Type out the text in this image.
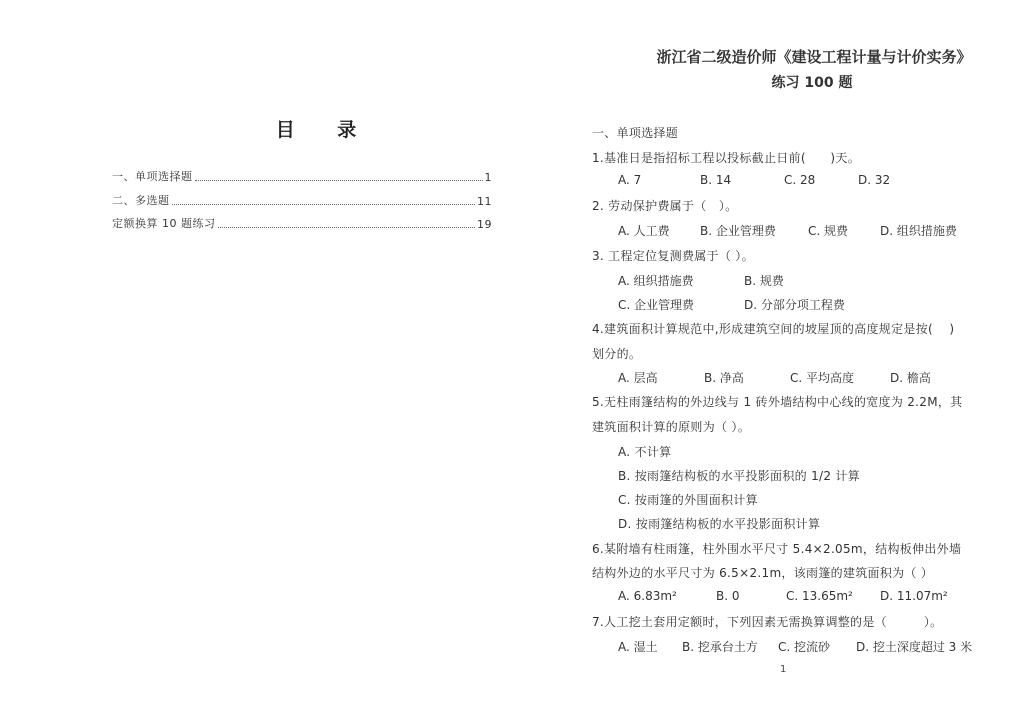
目 录
一、单项选择题	1
二、多选题	11
定额换算 10 题练习	19
浙江省二级造价师《建设工程计量与计价实务》
练习 100 题
一、单项选择题
1.基准日是指招标工程以投标截止日前(　　)天。
A. 7	B. 14	C. 28	D. 32
2. 劳动保护费属于（　）。
A. 人工费	B. 企业管理费	C. 规费	D. 组织措施费
3. 工程定位复测费属于（ ）。
A. 组织措施费	B. 规费
C. 企业管理费	D. 分部分项工程费
4.建筑面积计算规范中,形成建筑空间的坡屋顶的高度规定是按(　 )
划分的。
A. 层高	B. 净高	C. 平均高度	D. 檐高
5.无柱雨篷结构的外边线与 1 砖外墙结构中心线的宽度为 2.2M，其
建筑面积计算的原则为（ ）。
A. 不计算
B. 按雨篷结构板的水平投影面积的 1/2 计算
C. 按雨篷的外围面积计算
D. 按雨篷结构板的水平投影面积计算
6.某附墙有柱雨篷，柱外围水平尺寸 5.4×2.05m，结构板伸出外墙
结构外边的水平尺寸为 6.5×2.1m，该雨篷的建筑面积为（ ）
A. 6.83m²	B. 0	C. 13.65m² D. 11.07m²
7.人工挖土套用定额时，下列因素无需换算调整的是（　　　）。
A. 湿土 B. 挖承台土方 C. 挖流砂 D. 挖土深度超过 3 米
1
